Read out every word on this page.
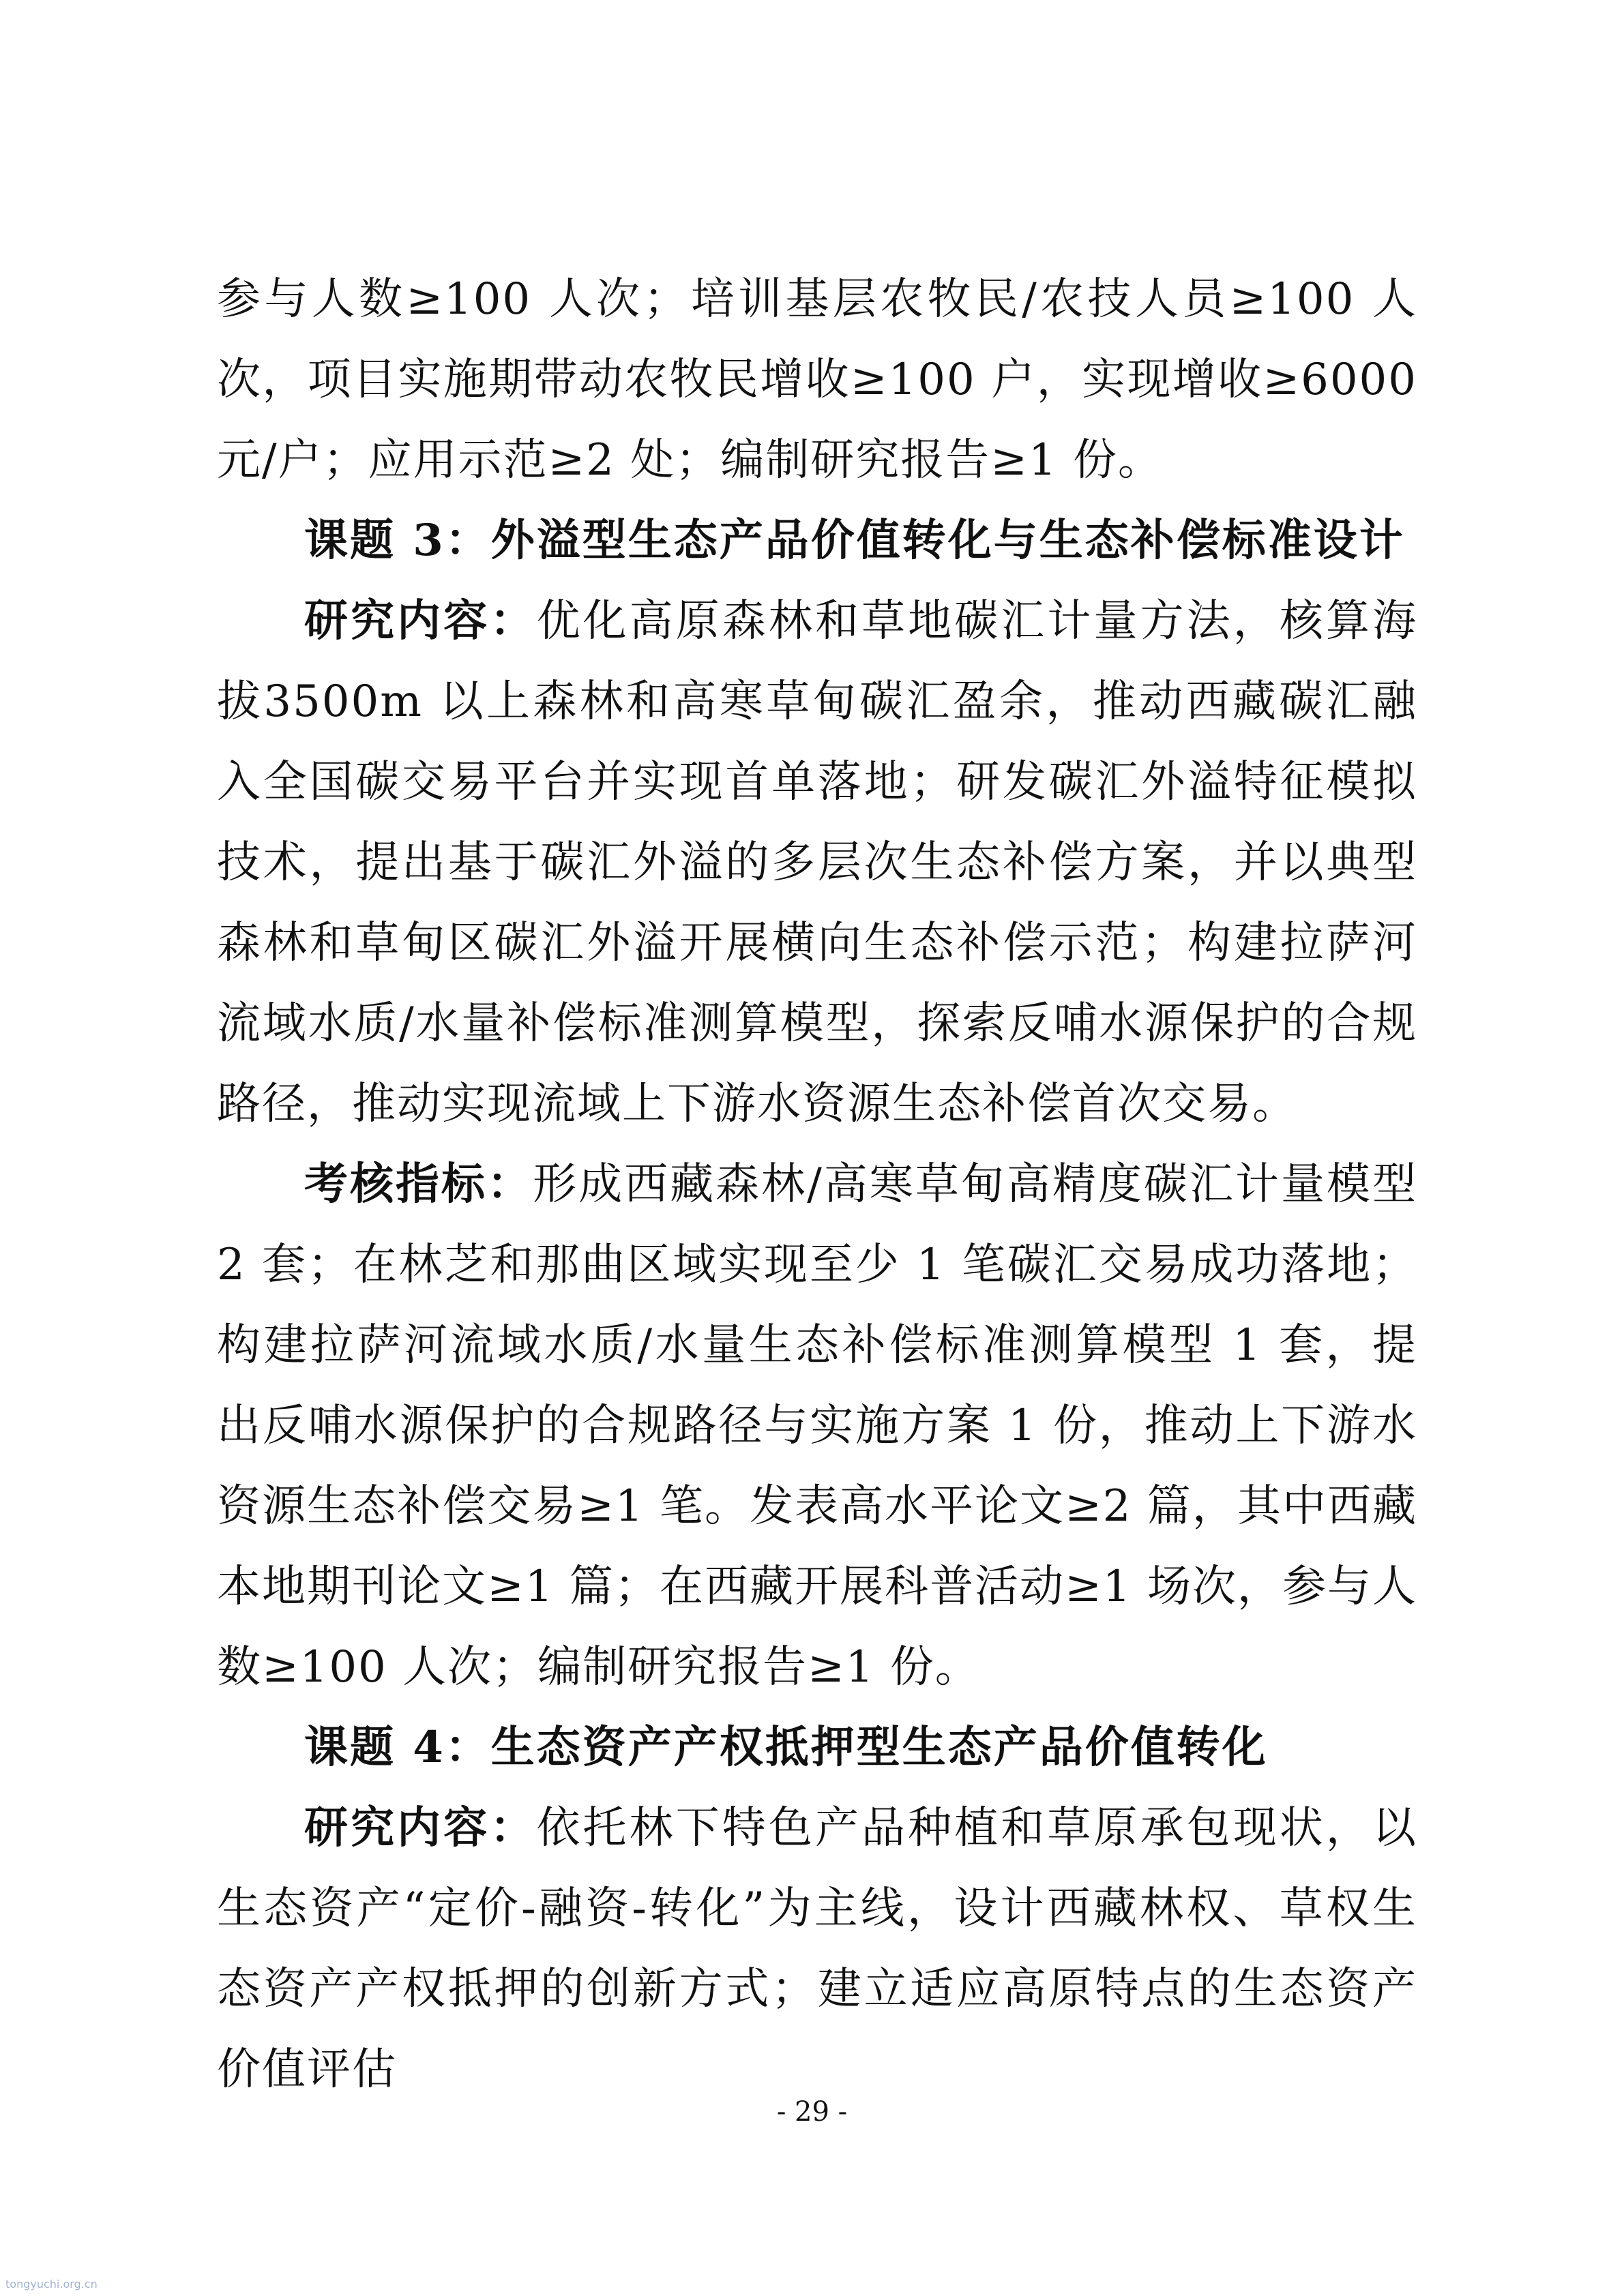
参与人数≥100 人次；培训基层农牧民/农技人员≥100 人次，项目实施期带动农牧民增收≥100 户，实现增收≥6000 元/户；应用示范≥2 处；编制研究报告≥1 份。

课题 3：外溢型生态产品价值转化与生态补偿标准设计

研究内容：优化高原森林和草地碳汇计量方法，核算海拔3500m 以上森林和高寒草甸碳汇盈余，推动西藏碳汇融入全国碳交易平台并实现首单落地；研发碳汇外溢特征模拟技术，提出基于碳汇外溢的多层次生态补偿方案，并以典型森林和草甸区碳汇外溢开展横向生态补偿示范；构建拉萨河流域水质/水量补偿标准测算模型，探索反哺水源保护的合规路径，推动实现流域上下游水资源生态补偿首次交易。

考核指标：形成西藏森林/高寒草甸高精度碳汇计量模型 2 套；在林芝和那曲区域实现至少 1 笔碳汇交易成功落地；构建拉萨河流域水质/水量生态补偿标准测算模型 1 套，提出反哺水源保护的合规路径与实施方案 1 份，推动上下游水资源生态补偿交易≥1 笔。发表高水平论文≥2 篇，其中西藏本地期刊论文≥1 篇；在西藏开展科普活动≥1 场次，参与人数≥100 人次；编制研究报告≥1 份。

课题 4：生态资产产权抵押型生态产品价值转化

研究内容：依托林下特色产品种植和草原承包现状，以生态资产“定价-融资-转化”为主线，设计西藏林权、草权生态资产产权抵押的创新方式；建立适应高原特点的生态资产价值评估

- 29 -
tongyuchi.org.cn
